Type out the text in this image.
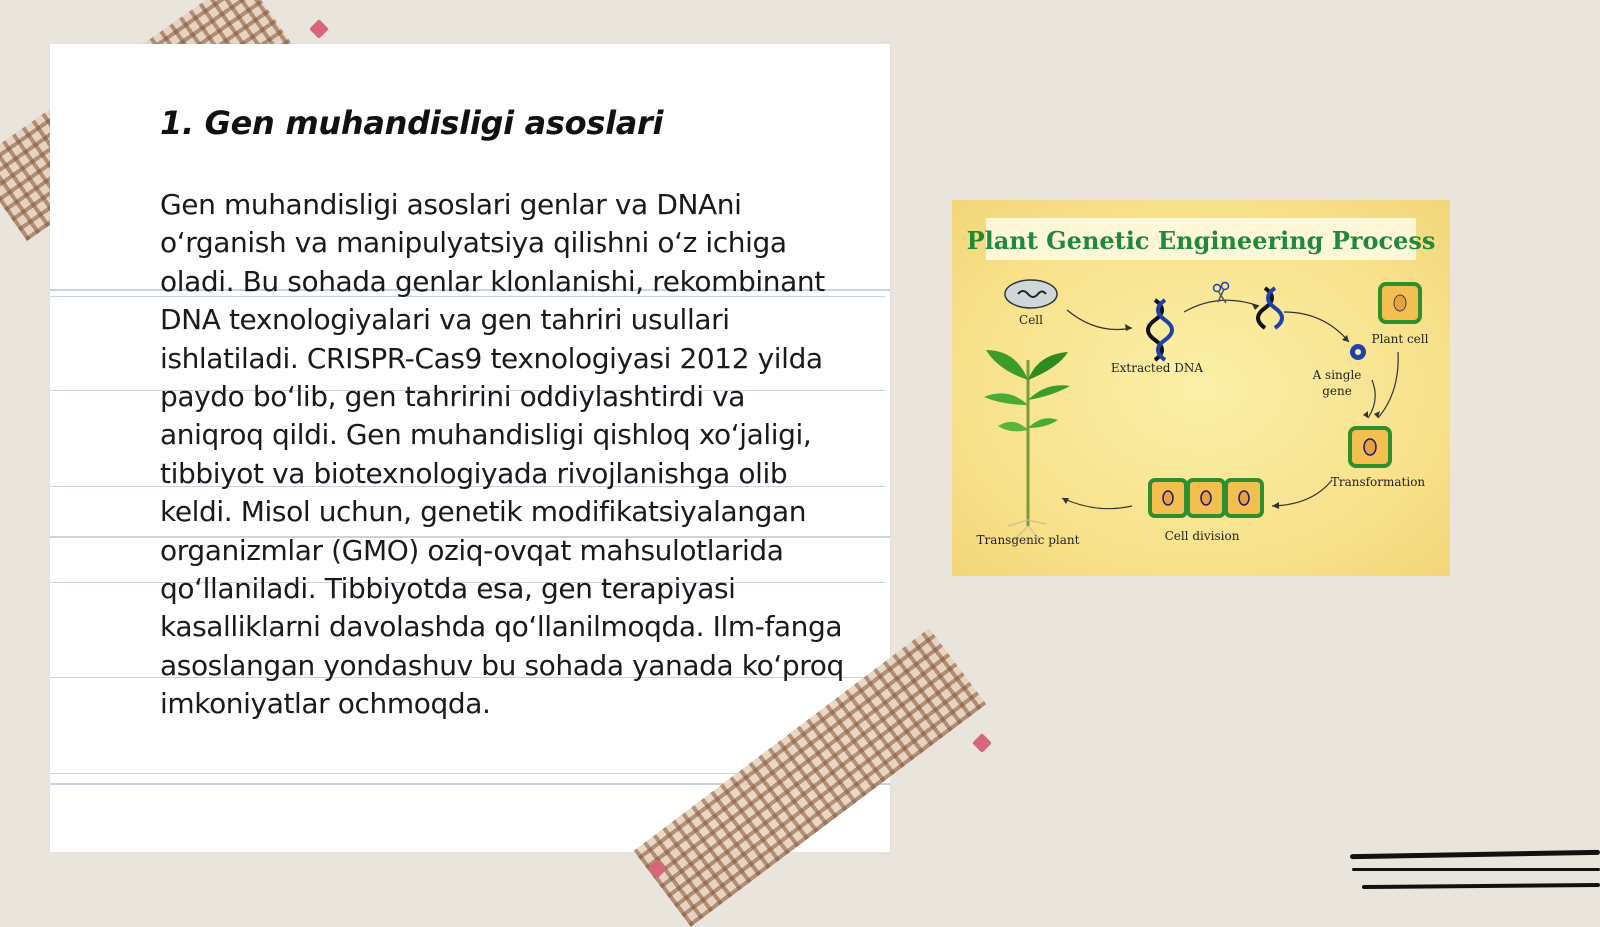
1. Gen muhandisligi asoslari

Gen muhandisligi asoslari genlar va DNAni o‘rganish va manipulyatsiya qilishni o‘z ichiga oladi. Bu sohada genlar klonlanishi, rekombinant DNA texnologiyalari va gen tahriri usullari ishlatiladi. CRISPR-Cas9 texnologiyasi 2012 yilda paydo bo‘lib, gen tahririni oddiylashtirdi va aniqroq qildi. Gen muhandisligi qishloq xo‘jaligi, tibbiyot va biotexnologiyada rivojlanishga olib keldi. Misol uchun, genetik modifikatsiyalangan organizmlar (GMO) oziq-ovqat mahsulotlarida qo‘llaniladi. Tibbiyotda esa, gen terapiyasi kasalliklarni davolashda qo‘llanilmoqda. Ilm-fanga asoslangan yondashuv bu sohada yanada ko‘proq imkoniyatlar ochmoqda.

Plant Genetic Engineering Process
Cell
Extracted DNA	A single
gene
Plant cell
Transformation
Cell division
Transgenic plant
